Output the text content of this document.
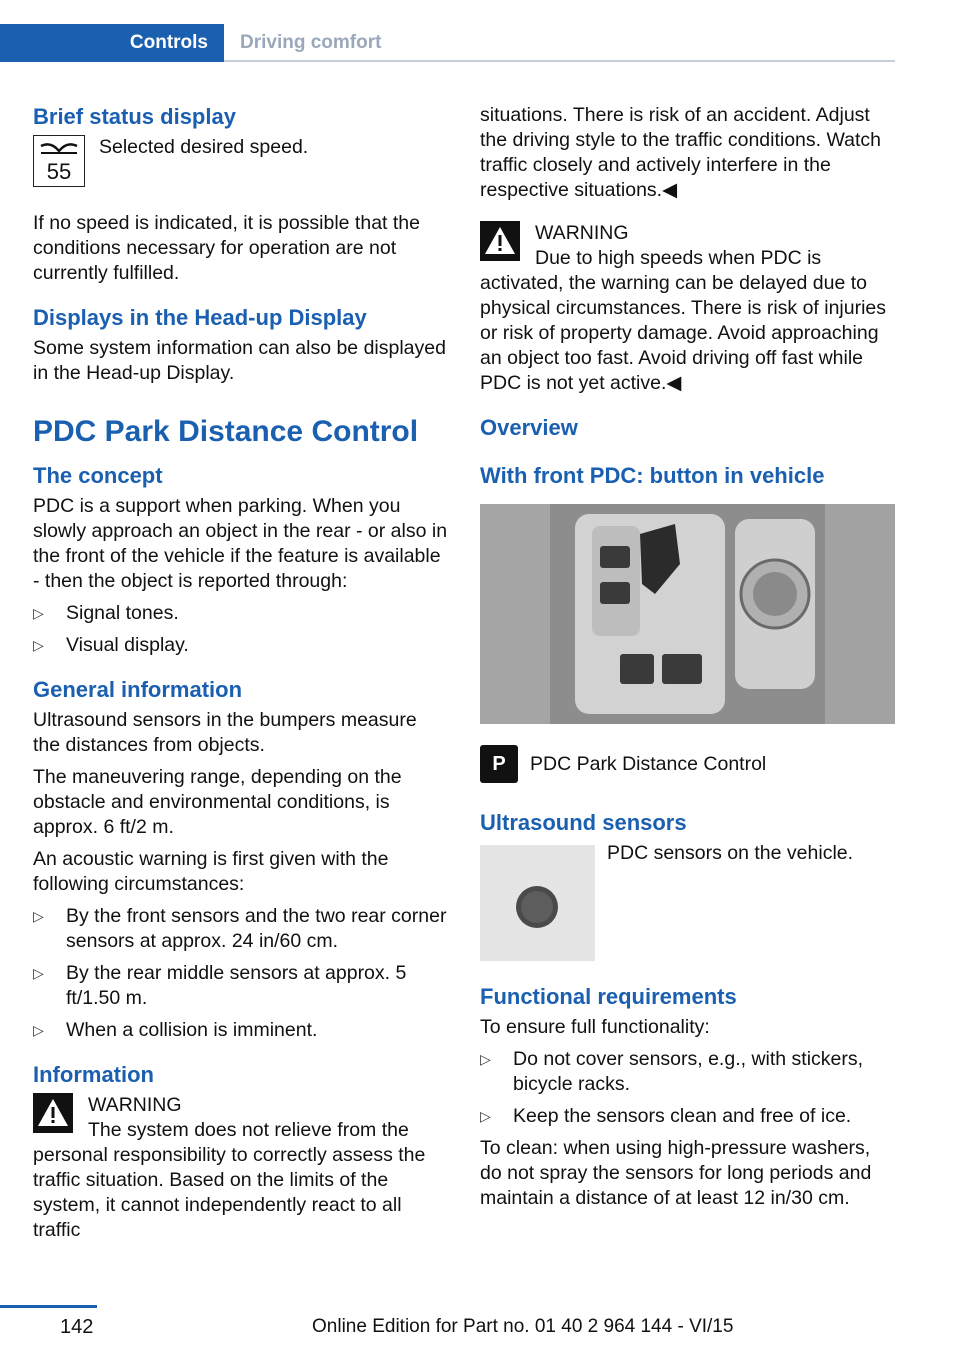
Controls	Driving comfort
Brief status display
55
Selected desired speed.

If no speed is indicated, it is possible that the conditions necessary for operation are not currently fulfilled.

Displays in the Head-up Display

Some system information can also be displayed in the Head-up Display.

PDC Park Distance Control
The concept

PDC is a support when parking. When you slowly approach an object in the rear - or also in the front of the vehicle if the feature is available - then the object is reported through:

▷ Signal tones.
▷ Visual display.
General information

Ultrasound sensors in the bumpers measure the distances from objects.

The maneuvering range, depending on the obstacle and environmental conditions, is approx. 6 ft/2 m.

An acoustic warning is first given with the following circumstances:

▷ By the front sensors and the two rear corner sensors at approx. 24 in/60 cm.
▷ By the rear middle sensors at approx. 5 ft/1.50 m.
▷ When a collision is imminent.
Information
WARNING
The system does not relieve from the personal responsibility to correctly assess the traffic situation. Based on the limits of the system, it cannot independently react to all traffic

situations. There is risk of an accident. Adjust the driving style to the traffic conditions. Watch traffic closely and actively interfere in the respective situations.◀

WARNING
Due to high speeds when PDC is activated, the warning can be delayed due to physical circumstances. There is risk of injuries or risk of property damage. Avoid approaching an object too fast. Avoid driving off fast while PDC is not yet active.◀
Overview
With front PDC: button in vehicle
P	PDC Park Distance Control
Ultrasound sensors
PDC sensors on the vehicle.
Functional requirements

To ensure full functionality:

▷ Do not cover sensors, e.g., with stickers, bicycle racks.
▷ Keep the sensors clean and free of ice.

To clean: when using high-pressure washers, do not spray the sensors for long periods and maintain a distance of at least 12 in/30 cm.

142	Online Edition for Part no. 01 40 2 964 144 - VI/15
